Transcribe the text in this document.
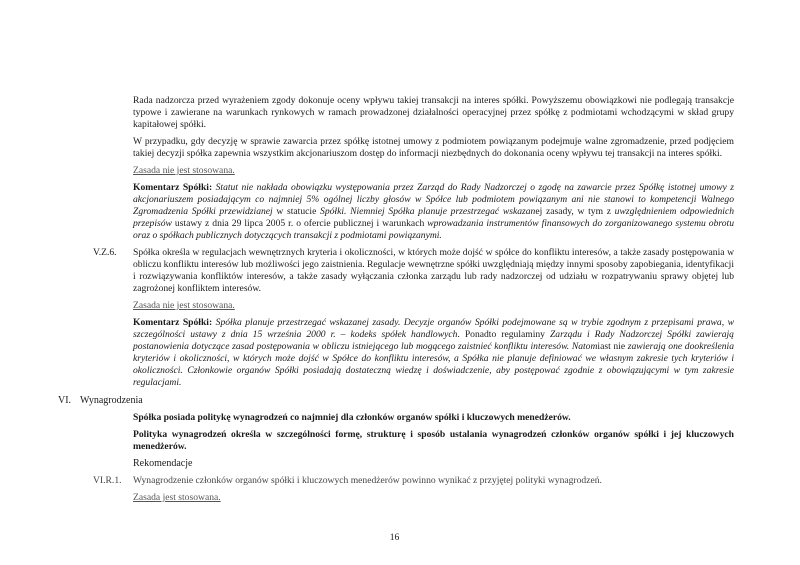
Rada nadzorcza przed wyrażeniem zgody dokonuje oceny wpływu takiej transakcji na interes spółki. Powyższemu obowiązkowi nie podlegają transakcje typowe i zawierane na warunkach rynkowych w ramach prowadzonej działalności operacyjnej przez spółkę z podmiotami wchodzącymi w skład grupy kapitałowej spółki.

W przypadku, gdy decyzję w sprawie zawarcia przez spółkę istotnej umowy z podmiotem powiązanym podejmuje walne zgromadzenie, przed podjęciem takiej decyzji spółka zapewnia wszystkim akcjonariuszom dostęp do informacji niezbędnych do dokonania oceny wpływu tej transakcji na interes spółki.

Zasada nie jest stosowana.

Komentarz Spółki: Statut nie nakłada obowiązku występowania przez Zarząd do Rady Nadzorczej o zgodę na zawarcie przez Spółkę istotnej umowy z akcjonariuszem posiadającym co najmniej 5% ogólnej liczby głosów w Spółce lub podmiotem powiązanym ani nie stanowi to kompetencji Walnego Zgromadzenia Spółki przewidzianej w statucie Spółki. Niemniej Spółka planuje przestrzegać wskazanej zasady, w tym z uwzględnieniem odpowiednich przepisów ustawy z dnia 29 lipca 2005 r. o ofercie publicznej i warunkach wprowadzania instrumentów finansowych do zorganizowanego systemu obrotu oraz o spółkach publicznych dotyczących transakcji z podmiotami powiązanymi.

V.Z.6. Spółka określa w regulacjach wewnętrznych kryteria i okoliczności, w których może dojść w spółce do konfliktu interesów, a także zasady postępowania w obliczu konfliktu interesów lub możliwości jego zaistnienia. Regulacje wewnętrzne spółki uwzględniają między innymi sposoby zapobiegania, identyfikacji i rozwiązywania konfliktów interesów, a także zasady wyłączania członka zarządu lub rady nadzorczej od udziału w rozpatrywaniu sprawy objętej lub zagrożonej konfliktem interesów.

Zasada nie jest stosowana.

Komentarz Spółki: Spółka planuje przestrzegać wskazanej zasady. Decyzje organów Spółki podejmowane są w trybie zgodnym z przepisami prawa, w szczególności ustawy z dnia 15 września 2000 r. – kodeks spółek handlowych. Ponadto regulaminy Zarządu i Rady Nadzorczej Spółki zawierają postanowienia dotyczące zasad postępowania w obliczu istniejącego lub mogącego zaistnieć konfliktu interesów. Natomiast nie zawierają one dookreślenia kryteriów i okoliczności, w których może dojść w Spółce do konfliktu interesów, a Spółka nie planuje definiować we własnym zakresie tych kryteriów i okoliczności. Członkowie organów Spółki posiadają dostateczną wiedzę i doświadczenie, aby postępować zgodnie z obowiązującymi w tym zakresie regulacjami.

VI. Wynagrodzenia

Spółka posiada politykę wynagrodzeń co najmniej dla członków organów spółki i kluczowych menedżerów.

Polityka wynagrodzeń określa w szczególności formę, strukturę i sposób ustalania wynagrodzeń członków organów spółki i jej kluczowych menedżerów.

Rekomendacje

VI.R.1. Wynagrodzenie członków organów spółki i kluczowych menedżerów powinno wynikać z przyjętej polityki wynagrodzeń.

Zasada jest stosowana.

16
